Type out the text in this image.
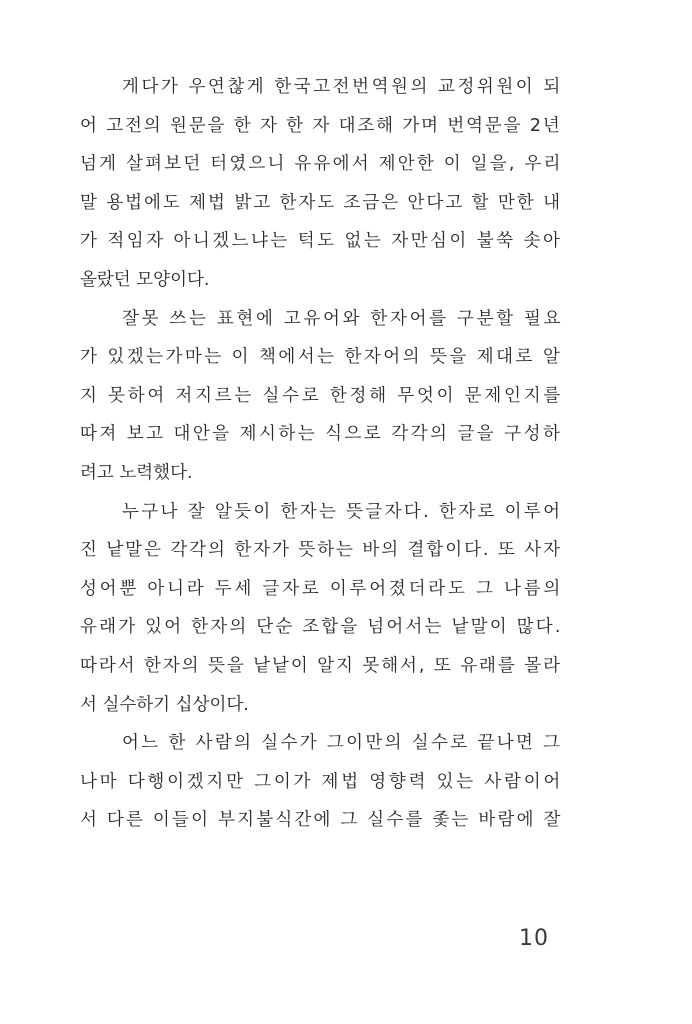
게다가 우연찮게 한국고전번역원의 교정위원이 되
어 고전의 원문을 한 자 한 자 대조해 가며 번역문을 2년
넘게 살펴보던 터였으니 유유에서 제안한 이 일을, 우리
말 용법에도 제법 밝고 한자도 조금은 안다고 할 만한 내
가 적임자 아니겠느냐는 턱도 없는 자만심이 불쑥 솟아
올랐던 모양이다.
잘못 쓰는 표현에 고유어와 한자어를 구분할 필요
가 있겠는가마는 이 책에서는 한자어의 뜻을 제대로 알
지 못하여 저지르는 실수로 한정해 무엇이 문제인지를
따져 보고 대안을 제시하는 식으로 각각의 글을 구성하
려고 노력했다.
누구나 잘 알듯이 한자는 뜻글자다. 한자로 이루어
진 낱말은 각각의 한자가 뜻하는 바의 결합이다. 또 사자
성어뿐 아니라 두세 글자로 이루어졌더라도 그 나름의
유래가 있어 한자의 단순 조합을 넘어서는 낱말이 많다.
따라서 한자의 뜻을 낱낱이 알지 못해서, 또 유래를 몰라
서 실수하기 십상이다.
어느 한 사람의 실수가 그이만의 실수로 끝나면 그
나마 다행이겠지만 그이가 제법 영향력 있는 사람이어
서 다른 이들이 부지불식간에 그 실수를 좇는 바람에 잘
10
